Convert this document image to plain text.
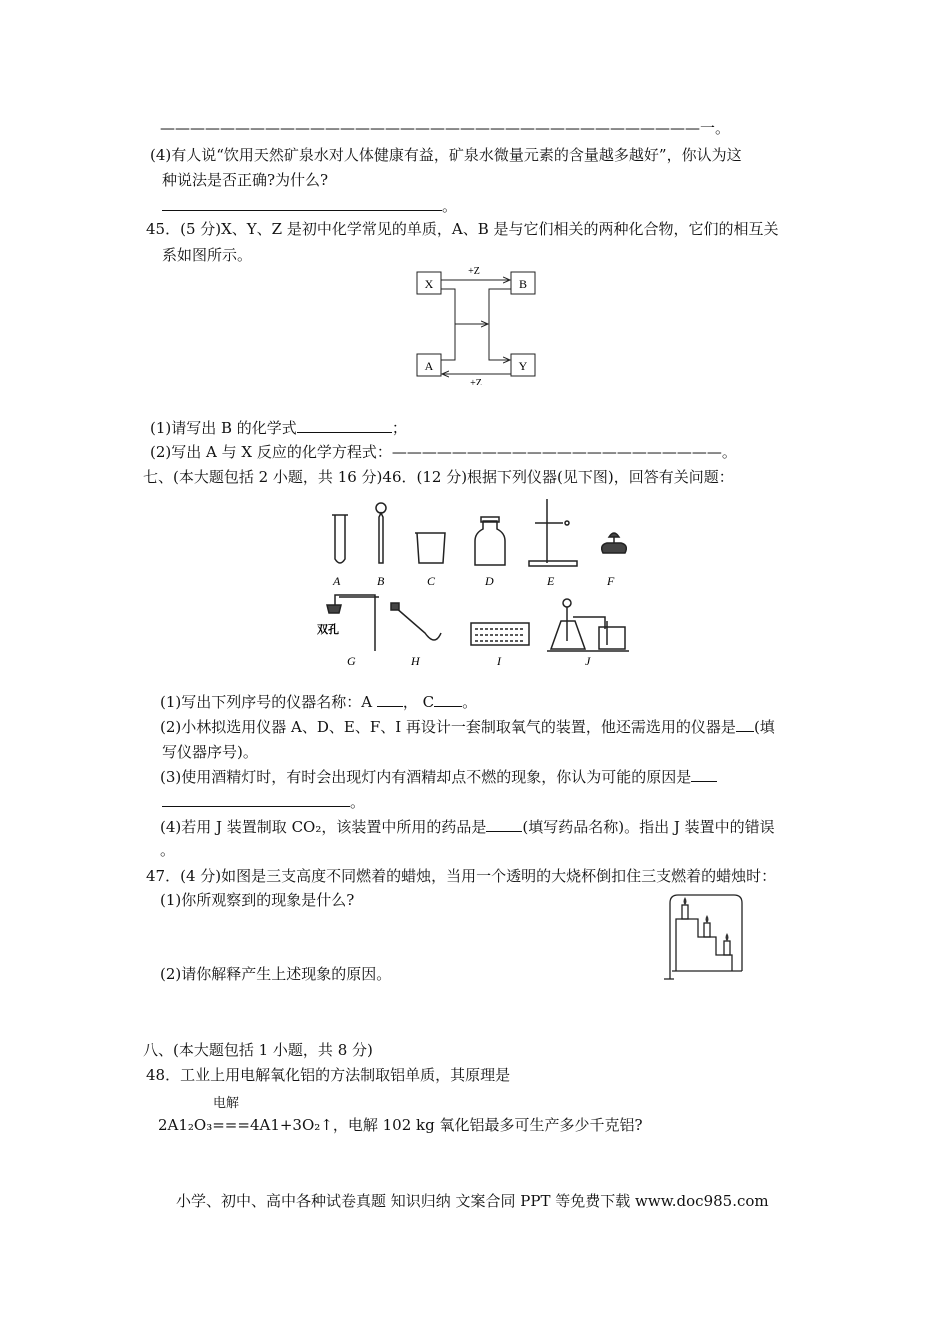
————————————————————————————————————一。
(4)有人说“饮用天然矿泉水对人体健康有益，矿泉水微量元素的含量越多越好”，你认为这
种说法是否正确?为什么?
。
45．(5 分)X、Y、Z 是初中化学常见的单质，A、B 是与它们相关的两种化合物，它们的相互关
系如图所示。
X	B
A	Y
+Z
+Z
(1)请写出 B 的化学式	；
(2)写出 A 与 X 反应的化学方程式：——————————————————————。
七、(本大题包括 2 小题，共 16 分)46．(12 分)根据下列仪器(见下图)，回答有关问题：
A	B	C	D	E	F
G	H	I	J
双孔
(1)写出下列序号的仪器名称：A ， C 。
(2)小林拟选用仪器 A、D、E、F、I 再设计一套制取氧气的装置，他还需选用的仪器是 (填
写仪器序号)。
(3)使用酒精灯时，有时会出现灯内有酒精却点不燃的现象，你认为可能的原因是
。
(4)若用 J 装置制取 CO₂，该装置中所用的药品是 (填写药品名称)。指出 J 装置中的错误
。
47．(4 分)如图是三支高度不同燃着的蜡烛，当用一个透明的大烧杯倒扣住三支燃着的蜡烛时：
(1)你所观察到的现象是什么?
(2)请你解释产生上述现象的原因。
八、(本大题包括 1 小题，共 8 分)
48．工业上用电解氧化铝的方法制取铝单质，其原理是
电解
2A1₂O₃===4A1+3O₂↑，电解 102 kg 氧化铝最多可生产多少千克铝?
小学、初中、高中各种试卷真题 知识归纳 文案合同 PPT 等免费下载 www.doc985.com
